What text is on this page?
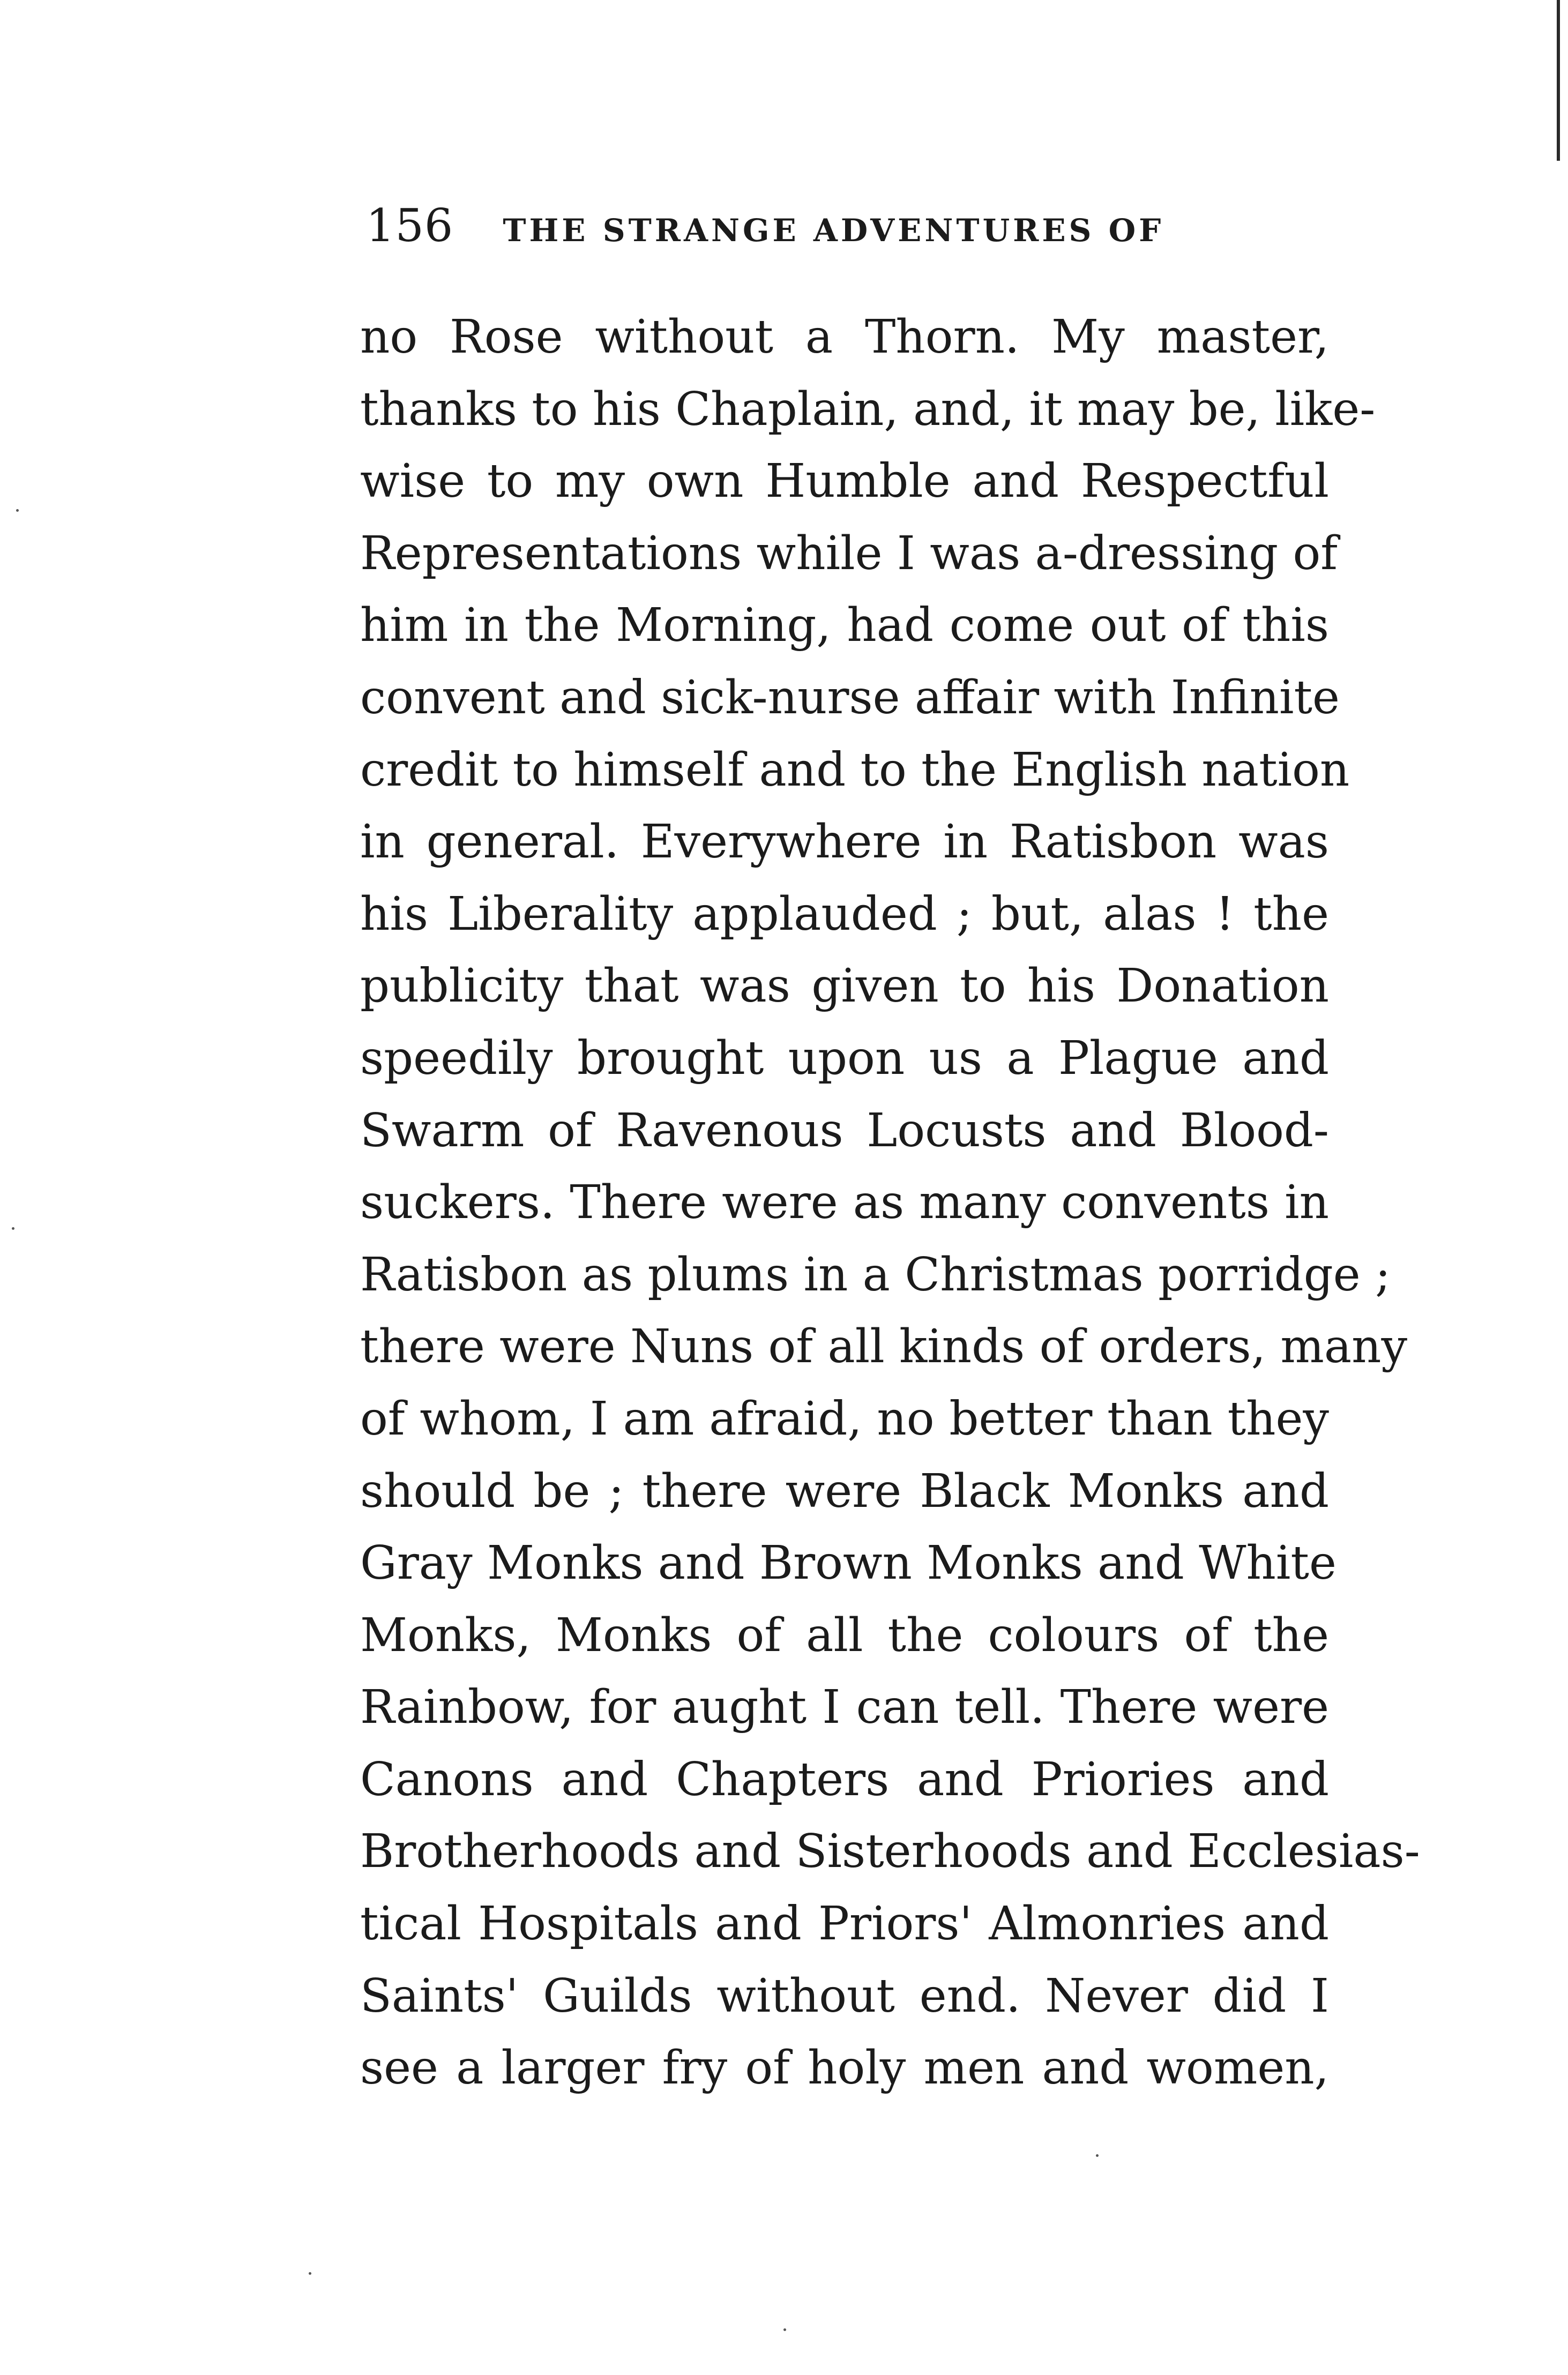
156 THE STRANGE ADVENTURES OF
no Rose without a Thorn. My master,
thanks to his Chaplain, and, it may be, like-
wise to my own Humble and Respectful
Representations while I was a-dressing of
him in the Morning, had come out of this
convent and sick-nurse affair with Infinite
credit to himself and to the English nation
in general. Everywhere in Ratisbon was
his Liberality applauded ; but, alas ! the
publicity that was given to his Donation
speedily brought upon us a Plague and
Swarm of Ravenous Locusts and Blood-
suckers. There were as many convents in
Ratisbon as plums in a Christmas porridge ;
there were Nuns of all kinds of orders, many
of whom, I am afraid, no better than they
should be ; there were Black Monks and
Gray Monks and Brown Monks and White
Monks, Monks of all the colours of the
Rainbow, for aught I can tell. There were
Canons and Chapters and Priories and
Brotherhoods and Sisterhoods and Ecclesias-
tical Hospitals and Priors' Almonries and
Saints' Guilds without end. Never did I
see a larger fry of holy men and women,
